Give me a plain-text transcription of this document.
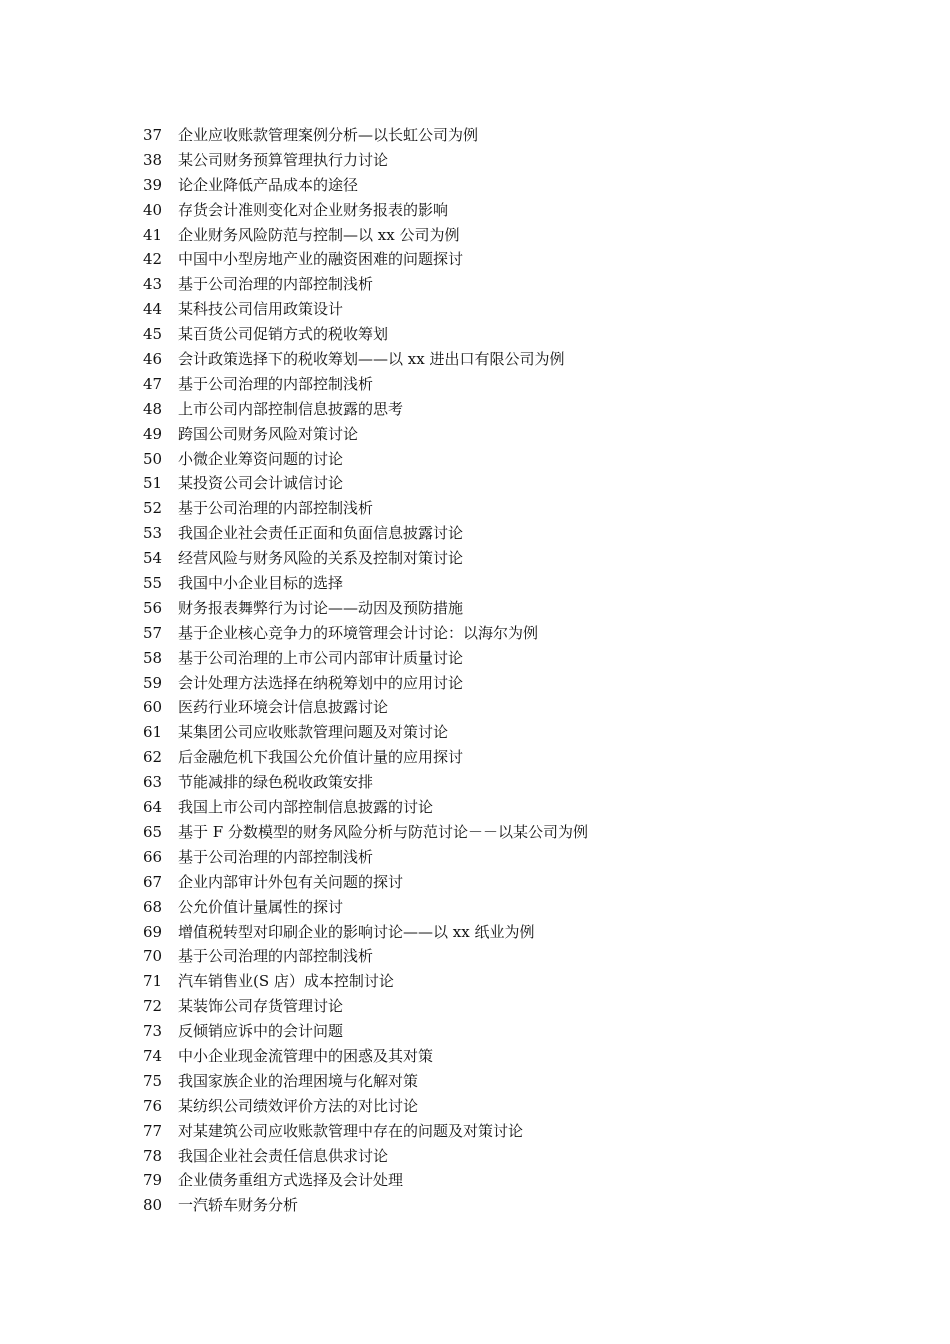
37	企业应收账款管理案例分析—以长虹公司为例
38	某公司财务预算管理执行力讨论
39	论企业降低产品成本的途径
40	存货会计准则变化对企业财务报表的影响
41	企业财务风险防范与控制—以 xx 公司为例
42	中国中小型房地产业的融资困难的问题探讨
43	基于公司治理的内部控制浅析
44	某科技公司信用政策设计
45	某百货公司促销方式的税收筹划
46	会计政策选择下的税收筹划——以 xx 进出口有限公司为例
47	基于公司治理的内部控制浅析
48	上市公司内部控制信息披露的思考
49	跨国公司财务风险对策讨论
50	小微企业筹资问题的讨论
51	某投资公司会计诚信讨论
52	基于公司治理的内部控制浅析
53	我国企业社会责任正面和负面信息披露讨论
54	经营风险与财务风险的关系及控制对策讨论
55	我国中小企业目标的选择
56	财务报表舞弊行为讨论——动因及预防措施
57	基于企业核心竞争力的环境管理会计讨论：以海尔为例
58	基于公司治理的上市公司内部审计质量讨论
59	会计处理方法选择在纳税筹划中的应用讨论
60	医药行业环境会计信息披露讨论
61	某集团公司应收账款管理问题及对策讨论
62	后金融危机下我国公允价值计量的应用探讨
63	节能减排的绿色税收政策安排
64	我国上市公司内部控制信息披露的讨论
65	基于 F 分数模型的财务风险分析与防范讨论－－以某公司为例
66	基于公司治理的内部控制浅析
67	企业内部审计外包有关问题的探讨
68	公允价值计量属性的探讨
69	增值税转型对印刷企业的影响讨论——以 xx 纸业为例
70	基于公司治理的内部控制浅析
71	汽车销售业(S 店）成本控制讨论
72	某装饰公司存货管理讨论
73	反倾销应诉中的会计问题
74	中小企业现金流管理中的困惑及其对策
75	我国家族企业的治理困境与化解对策
76	某纺织公司绩效评价方法的对比讨论
77	对某建筑公司应收账款管理中存在的问题及对策讨论
78	我国企业社会责任信息供求讨论
79	企业债务重组方式选择及会计处理
80	一汽轿车财务分析
